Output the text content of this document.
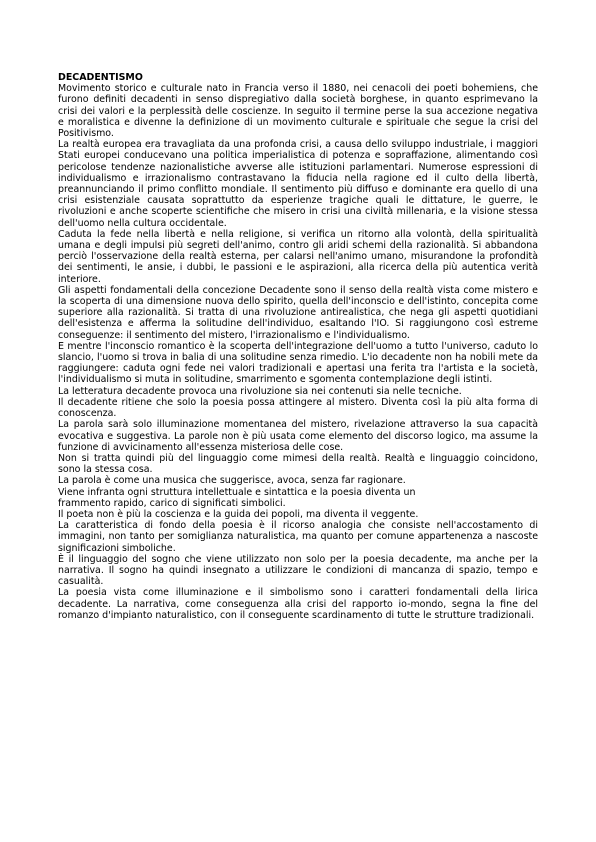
DECADENTISMO
Movimento storico e culturale nato in Francia verso il 1880, nei cenacoli dei poeti bohemiens, che furono definiti decadenti in senso dispregiativo dalla società borghese, in quanto esprimevano la crisi dei valori e la perplessità delle coscienze. In seguito il termine perse la sua accezione negativa e moralistica e divenne la definizione di un movimento culturale e spirituale che segue la crisi del Positivismo.
La realtà europea era travagliata da una profonda crisi, a causa dello sviluppo industriale, i maggiori Stati europei conducevano una politica imperialistica di potenza e sopraffazione, alimentando così pericolose tendenze nazionalistiche avverse alle istituzioni parlamentari. Numerose espressioni di individualismo e irrazionalismo contrastavano la fiducia nella ragione ed il culto della libertà, preannunciando il primo conflitto mondiale. Il sentimento più diffuso e dominante era quello di una crisi esistenziale causata soprattutto da esperienze tragiche quali le dittature, le guerre, le rivoluzioni e anche scoperte scientifiche che misero in crisi una civiltà millenaria, e la visione stessa dell'uomo nella cultura occidentale.
Caduta la fede nella libertà e nella religione, si verifica un ritorno alla volontà, della spiritualità umana e degli impulsi più segreti dell'animo, contro gli aridi schemi della razionalità. Si abbandona perciò l'osservazione della realtà esterna, per calarsi nell'animo umano, misurandone la profondità dei sentimenti, le ansie, i dubbi, le passioni e le aspirazioni, alla ricerca della più autentica verità interiore.
Gli aspetti fondamentali della concezione Decadente sono il senso della realtà vista come mistero e la scoperta di una dimensione nuova dello spirito, quella dell'inconscio e dell'istinto, concepita come superiore alla razionalità. Si tratta di una rivoluzione antirealistica, che nega gli aspetti quotidiani dell'esistenza e afferma la solitudine dell'individuo, esaltando l'IO. Si raggiungono così estreme conseguenze: il sentimento del mistero, l'irrazionalismo e l'individualismo.
E mentre l'inconscio romantico è la scoperta dell'integrazione dell'uomo a tutto l'universo, caduto lo slancio, l'uomo si trova in balia di una solitudine senza rimedio. L'io decadente non ha nobili mete da raggiungere: caduta ogni fede nei valori tradizionali e apertasi una ferita tra l'artista e la società, l'individualismo si muta in solitudine, smarrimento e sgomenta contemplazione degli istinti.
La letteratura decadente provoca una rivoluzione sia nei contenuti sia nelle tecniche.
Il decadente ritiene che solo la poesia possa attingere al mistero. Diventa così la più alta forma di conoscenza.
La parola sarà solo illuminazione momentanea del mistero, rivelazione attraverso la sua capacità evocativa e suggestiva. La parole non è più usata come elemento del discorso logico, ma assume la funzione di avvicinamento all'essenza misteriosa delle cose.
Non si tratta quindi più del linguaggio come mimesi della realtà. Realtà e linguaggio coincidono, sono la stessa cosa.
La parola è come una musica che suggerisce, avoca, senza far ragionare.
Viene infranta ogni struttura intellettuale e sintattica e la poesia diventa un
frammento rapido, carico di significati simbolici.
Il poeta non è più la coscienza e la guida dei popoli, ma diventa il veggente.
La caratteristica di fondo della poesia è il ricorso analogia che consiste nell'accostamento di immagini, non tanto per somiglianza naturalistica, ma quanto per comune appartenenza a nascoste significazioni simboliche.
È il linguaggio del sogno che viene utilizzato non solo per la poesia decadente, ma anche per la narrativa. Il sogno ha quindi insegnato a utilizzare le condizioni di mancanza di spazio, tempo e casualità.
La poesia vista come illuminazione e il simbolismo sono i caratteri fondamentali della lirica decadente. La narrativa, come conseguenza alla crisi del rapporto io-mondo, segna la fine del romanzo d'impianto naturalistico, con il conseguente scardinamento di tutte le strutture tradizionali.
